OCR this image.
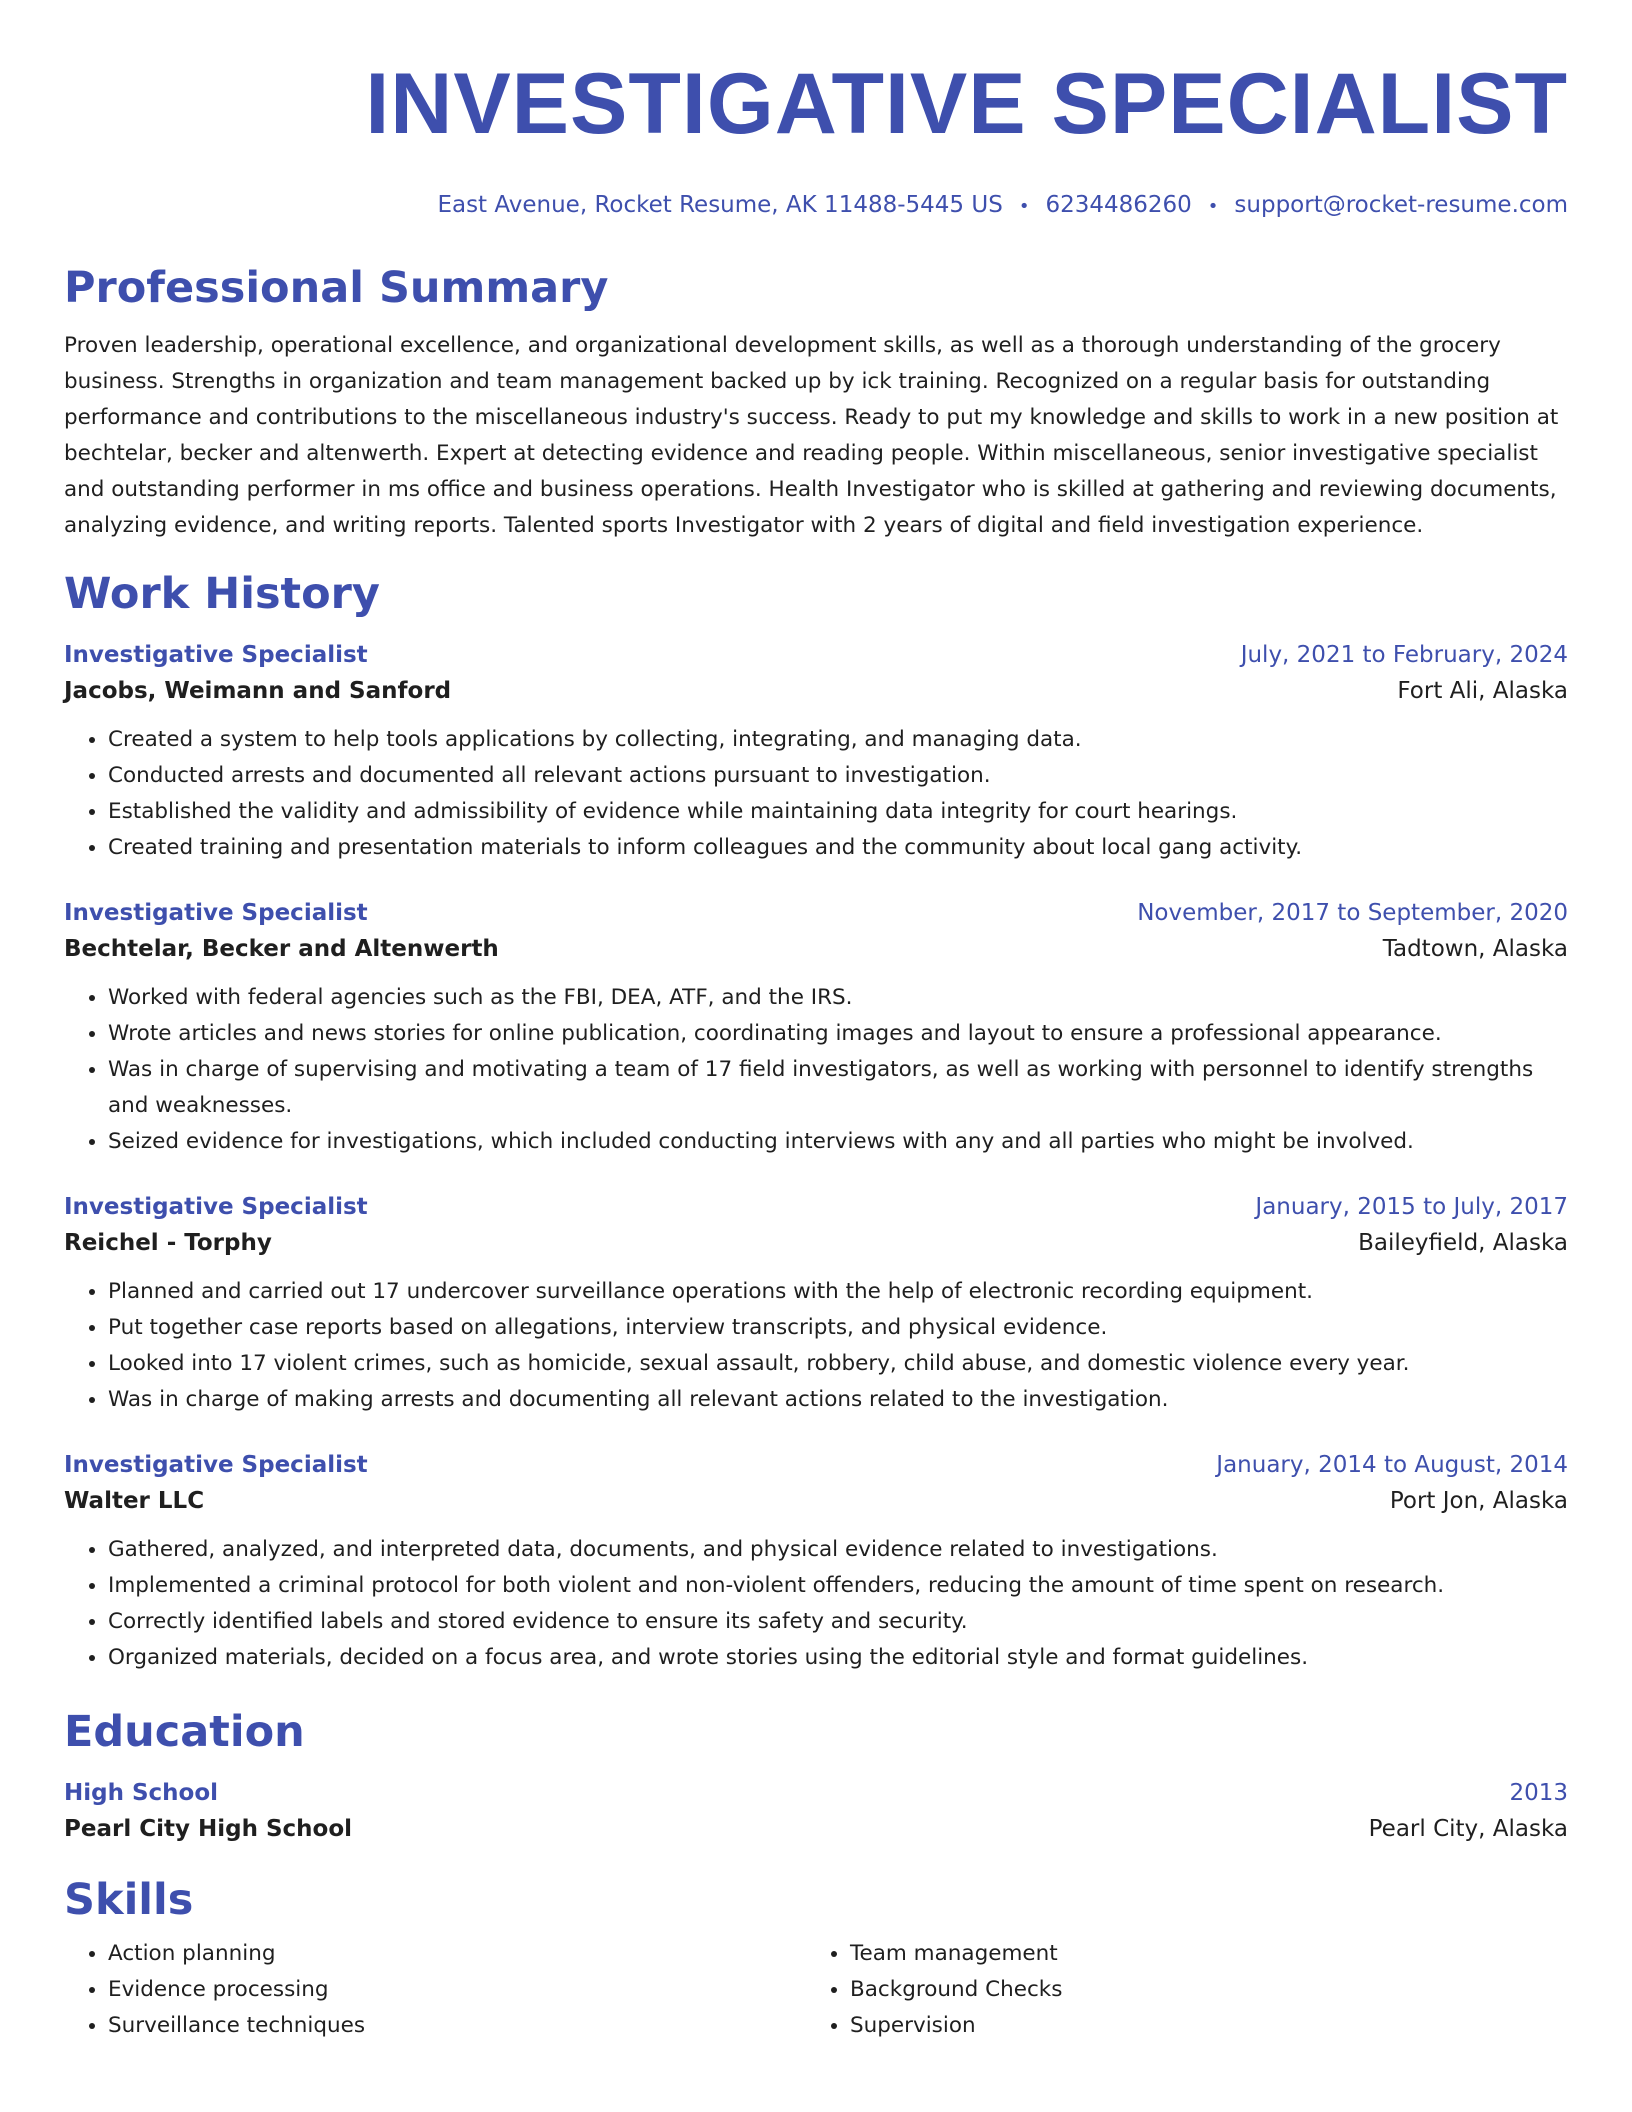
INVESTIGATIVE SPECIALIST
East Avenue, Rocket Resume, AK 11488-5445 US • 6234486260 • support@rocket-resume.com
Professional Summary

Proven leadership, operational excellence, and organizational development skills, as well as a thorough understanding of the grocery business. Strengths in organization and team management backed up by ick training. Recognized on a regular basis for outstanding performance and contributions to the miscellaneous industry's success. Ready to put my knowledge and skills to work in a new position at bechtelar, becker and altenwerth. Expert at detecting evidence and reading people. Within miscellaneous, senior investigative specialist and outstanding performer in ms office and business operations. Health Investigator who is skilled at gathering and reviewing documents, analyzing evidence, and writing reports. Talented sports Investigator with 2 years of digital and field investigation experience.

Work History
Investigative Specialist	July, 2021 to February, 2024
Jacobs, Weimann and Sanford	Fort Ali, Alaska
• Created a system to help tools applications by collecting, integrating, and managing data.
• Conducted arrests and documented all relevant actions pursuant to investigation.
• Established the validity and admissibility of evidence while maintaining data integrity for court hearings.
• Created training and presentation materials to inform colleagues and the community about local gang activity.
Investigative Specialist	November, 2017 to September, 2020
Bechtelar, Becker and Altenwerth	Tadtown, Alaska
• Worked with federal agencies such as the FBI, DEA, ATF, and the IRS.
• Wrote articles and news stories for online publication, coordinating images and layout to ensure a professional appearance.
• Was in charge of supervising and motivating a team of 17 field investigators, as well as working with personnel to identify strengths and weaknesses.
• Seized evidence for investigations, which included conducting interviews with any and all parties who might be involved.
Investigative Specialist	January, 2015 to July, 2017
Reichel - Torphy	Baileyfield, Alaska
• Planned and carried out 17 undercover surveillance operations with the help of electronic recording equipment.
• Put together case reports based on allegations, interview transcripts, and physical evidence.
• Looked into 17 violent crimes, such as homicide, sexual assault, robbery, child abuse, and domestic violence every year.
• Was in charge of making arrests and documenting all relevant actions related to the investigation.
Investigative Specialist	January, 2014 to August, 2014
Walter LLC	Port Jon, Alaska
• Gathered, analyzed, and interpreted data, documents, and physical evidence related to investigations.
• Implemented a criminal protocol for both violent and non-violent offenders, reducing the amount of time spent on research.
• Correctly identified labels and stored evidence to ensure its safety and security.
• Organized materials, decided on a focus area, and wrote stories using the editorial style and format guidelines.
Education
High School	2013
Pearl City High School	Pearl City, Alaska
Skills
• Action planning
• Evidence processing
• Surveillance techniques
• Team management
• Background Checks
• Supervision
